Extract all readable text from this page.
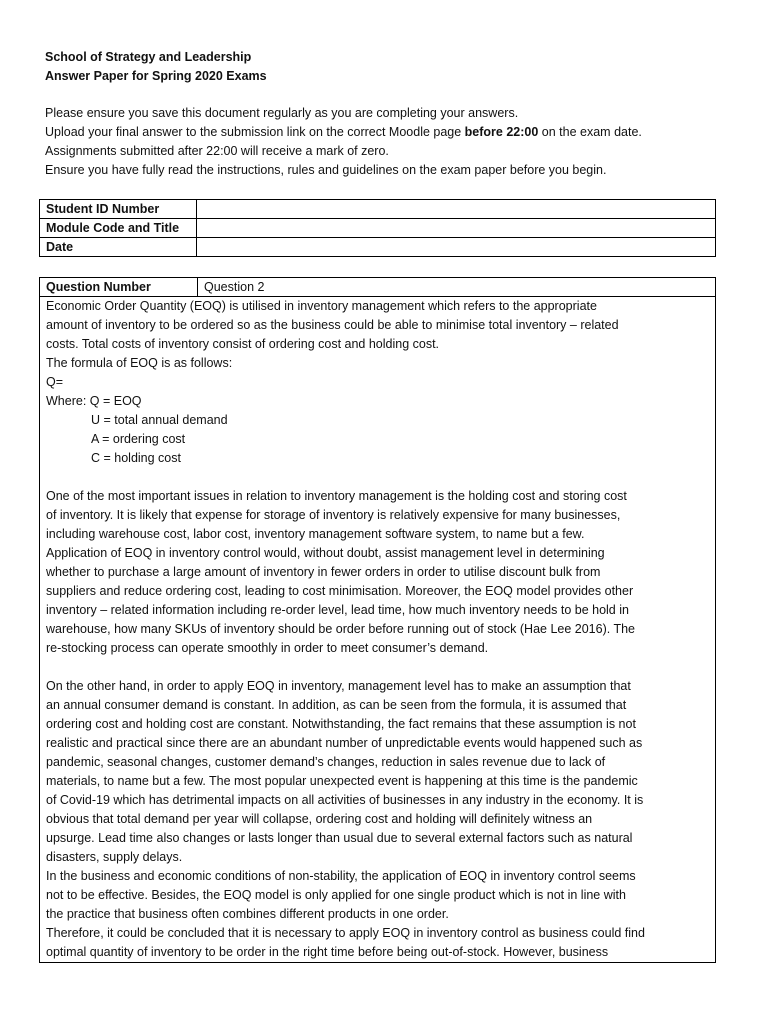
School of Strategy and Leadership
Answer Paper for Spring 2020 Exams
Please ensure you save this document regularly as you are completing your answers.
Upload your final answer to the submission link on the correct Moodle page before 22:00 on the exam date.
Assignments submitted after 22:00 will receive a mark of zero.
Ensure you have fully read the instructions, rules and guidelines on the exam paper before you begin.
Student ID Number	
Module Code and Title	
Date	
Question Number	Question 2

Economic Order Quantity (EOQ) is utilised in inventory management which refers to the appropriate

amount of inventory to be ordered so as the business could be able to minimise total inventory – related

costs. Total costs of inventory consist of ordering cost and holding cost.

The formula of EOQ is as follows:

Q=

Where: Q = EOQ

U = total annual demand

A = ordering cost

C = holding cost

One of the most important issues in relation to inventory management is the holding cost and storing cost

of inventory. It is likely that expense for storage of inventory is relatively expensive for many businesses,

including warehouse cost, labor cost, inventory management software system, to name but a few.

Application of EOQ in inventory control would, without doubt, assist management level in determining

whether to purchase a large amount of inventory in fewer orders in order to utilise discount bulk from

suppliers and reduce ordering cost, leading to cost minimisation. Moreover, the EOQ model provides other

inventory – related information including re-order level, lead time, how much inventory needs to be hold in

warehouse, how many SKUs of inventory should be order before running out of stock (Hae Lee 2016). The

re-stocking process can operate smoothly in order to meet consumer’s demand.

On the other hand, in order to apply EOQ in inventory, management level has to make an assumption that

an annual consumer demand is constant. In addition, as can be seen from the formula, it is assumed that

ordering cost and holding cost are constant. Notwithstanding, the fact remains that these assumption is not

realistic and practical since there are an abundant number of unpredictable events would happened such as

pandemic, seasonal changes, customer demand’s changes, reduction in sales revenue due to lack of

materials, to name but a few. The most popular unexpected event is happening at this time is the pandemic

of Covid-19 which has detrimental impacts on all activities of businesses in any industry in the economy. It is

obvious that total demand per year will collapse, ordering cost and holding will definitely witness an

upsurge. Lead time also changes or lasts longer than usual due to several external factors such as natural

disasters, supply delays.

In the business and economic conditions of non-stability, the application of EOQ in inventory control seems

not to be effective. Besides, the EOQ model is only applied for one single product which is not in line with

the practice that business often combines different products in one order.

Therefore, it could be concluded that it is necessary to apply EOQ in inventory control as business could find

optimal quantity of inventory to be order in the right time before being out-of-stock. However, business
